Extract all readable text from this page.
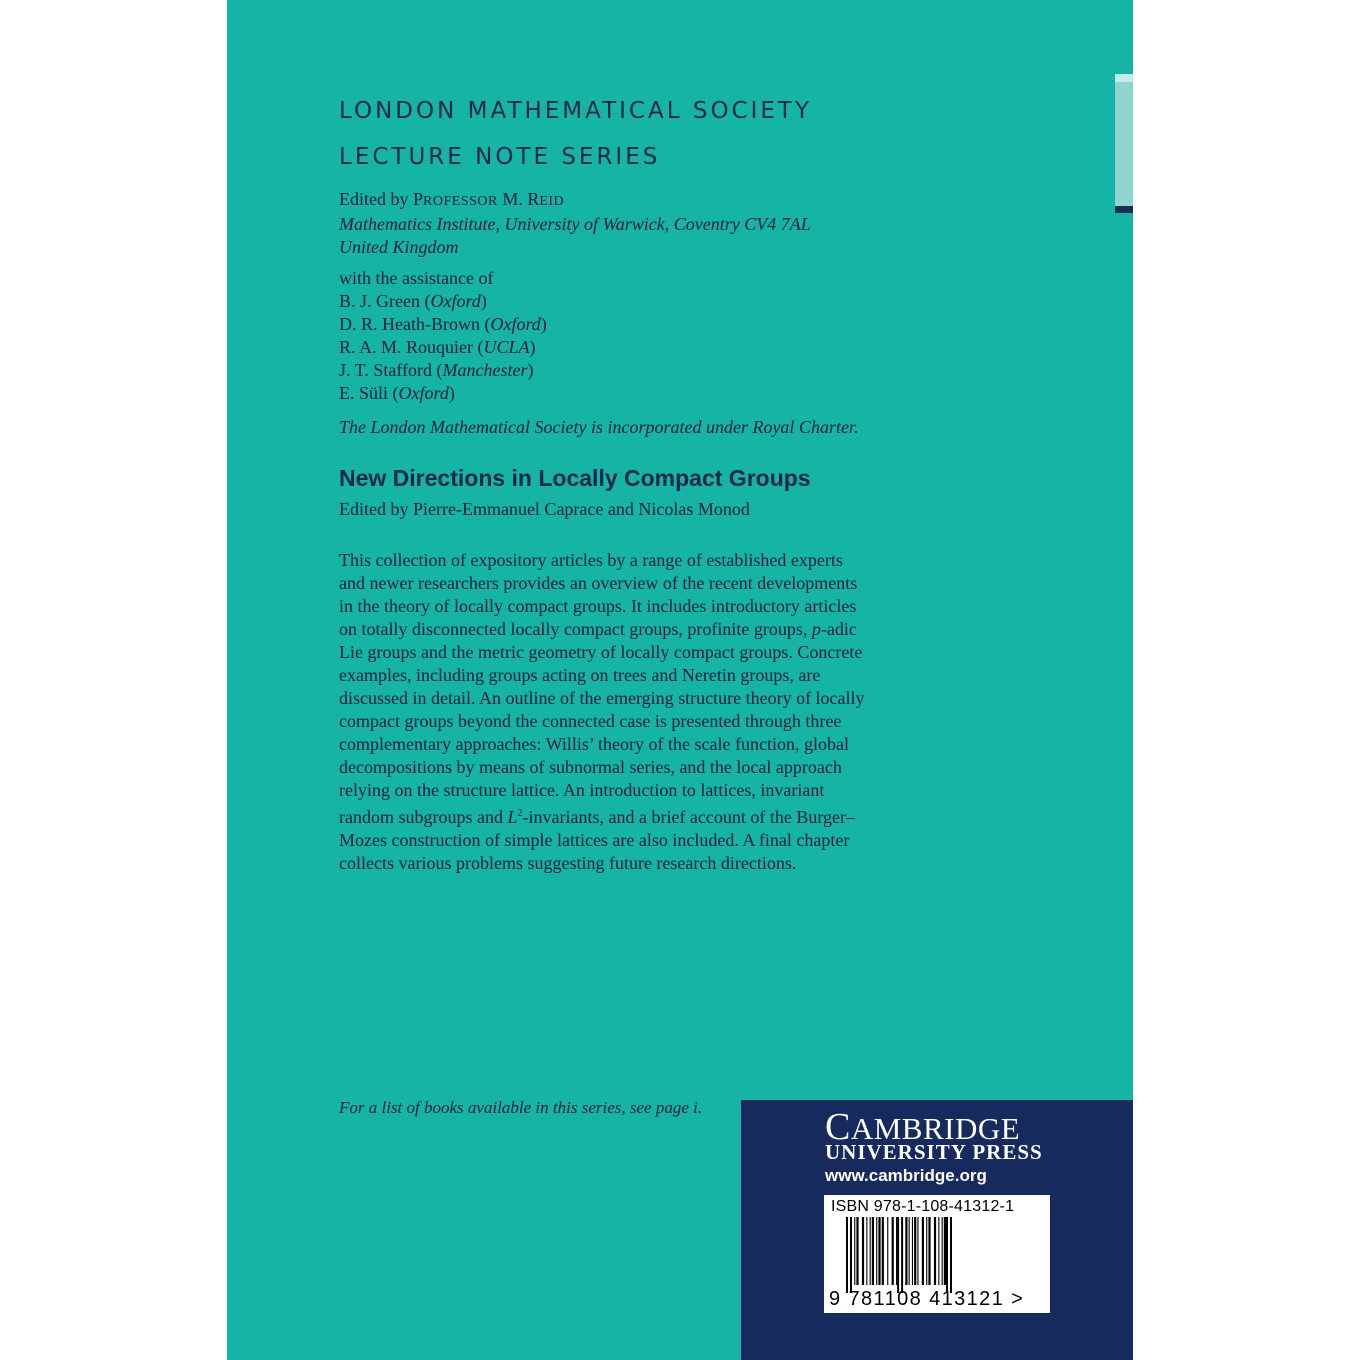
LONDON MATHEMATICAL SOCIETY
LECTURE NOTE SERIES
Edited by PROFESSOR M. REID
Mathematics Institute, University of Warwick, Coventry CV4 7AL
United Kingdom
with the assistance of
B. J. Green (Oxford)
D. R. Heath-Brown (Oxford)
R. A. M. Rouquier (UCLA)
J. T. Stafford (Manchester)
E. Süli (Oxford)
The London Mathematical Society is incorporated under Royal Charter.
New Directions in Locally Compact Groups
Edited by Pierre-Emmanuel Caprace and Nicolas Monod
This collection of expository articles by a range of established experts
and newer researchers provides an overview of the recent developments
in the theory of locally compact groups. It includes introductory articles
on totally disconnected locally compact groups, profinite groups, p-adic
Lie groups and the metric geometry of locally compact groups. Concrete
examples, including groups acting on trees and Neretin groups, are
discussed in detail. An outline of the emerging structure theory of locally
compact groups beyond the connected case is presented through three
complementary approaches: Willis’ theory of the scale function, global
decompositions by means of subnormal series, and the local approach
relying on the structure lattice. An introduction to lattices, invariant
random subgroups and $L^2$-invariants, and a brief account of the Burger–
Mozes construction of simple lattices are also included. A final chapter
collects various problems suggesting future research directions.
For a list of books available in this series, see page i.	CAMBRIDGE
UNIVERSITY PRESS
www.cambridge.org
ISBN 978-1-108-41312-1
9 781108 413121 >
